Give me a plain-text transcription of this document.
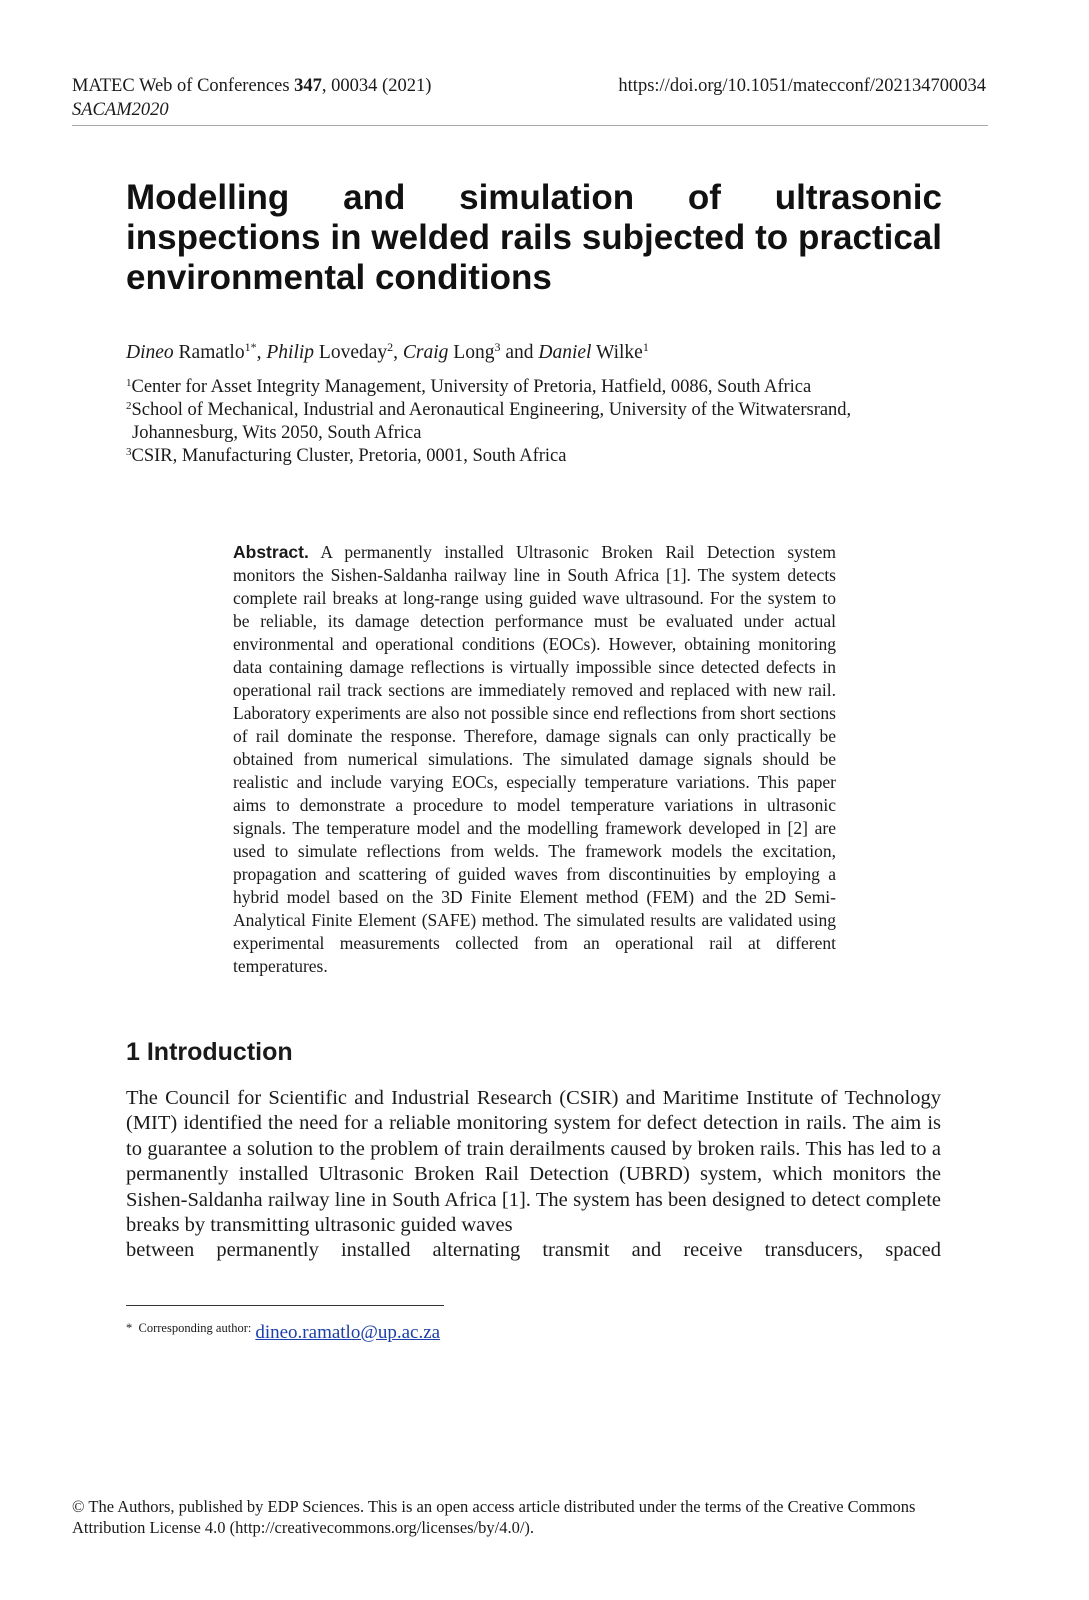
MATEC Web of Conferences 347, 00034 (2021)
SACAM2020
https://doi.org/10.1051/matecconf/202134700034
Modelling and simulation of ultrasonic
inspections in welded rails subjected to practical
environmental conditions
Dineo Ramatlo$^{1*}$, Philip Loveday$^2$, Craig Long$^3$ and Daniel Wilke$^1$
$^1$Center for Asset Integrity Management, University of Pretoria, Hatfield, 0086, South Africa
$^2$School of Mechanical, Industrial and Aeronautical Engineering, University of the Witwatersrand,
Johannesburg, Wits 2050, South Africa
$^3$CSIR, Manufacturing Cluster, Pretoria, 0001, South Africa
Abstract. A permanently installed Ultrasonic Broken Rail Detection system monitors the Sishen-Saldanha railway line in South Africa [1]. The system detects complete rail breaks at long-range using guided wave ultrasound. For the system to be reliable, its damage detection performance must be evaluated under actual environmental and operational conditions (EOCs). However, obtaining monitoring data containing damage reflections is virtually impossible since detected defects in operational rail track sections are immediately removed and replaced with new rail. Laboratory experiments are also not possible since end reflections from short sections of rail dominate the response. Therefore, damage signals can only practically be obtained from numerical simulations. The simulated damage signals should be realistic and include varying EOCs, especially temperature variations. This paper aims to demonstrate a procedure to model temperature variations in ultrasonic signals. The temperature model and the modelling framework developed in [2] are used to simulate reflections from welds. The framework models the excitation, propagation and scattering of guided waves from discontinuities by employing a hybrid model based on the 3D Finite Element method (FEM) and the 2D Semi-Analytical Finite Element (SAFE) method. The simulated results are validated using experimental measurements collected from an operational rail at different temperatures.
1 Introduction
The Council for Scientific and Industrial Research (CSIR) and Maritime Institute of Technology (MIT) identified the need for a reliable monitoring system for defect detection in rails. The aim is to guarantee a solution to the problem of train derailments caused by broken rails. This has led to a permanently installed Ultrasonic Broken Rail Detection (UBRD) system, which monitors the Sishen-Saldanha railway line in South Africa [1]. The system has been designed to detect complete breaks by transmitting ultrasonic guided waves
between permanently installed alternating transmit and receive transducers, spaced
* Corresponding author: dineo.ramatlo@up.ac.za
© The Authors, published by EDP Sciences. This is an open access article distributed under the terms of the Creative Commons Attribution License 4.0 (http://creativecommons.org/licenses/by/4.0/).
